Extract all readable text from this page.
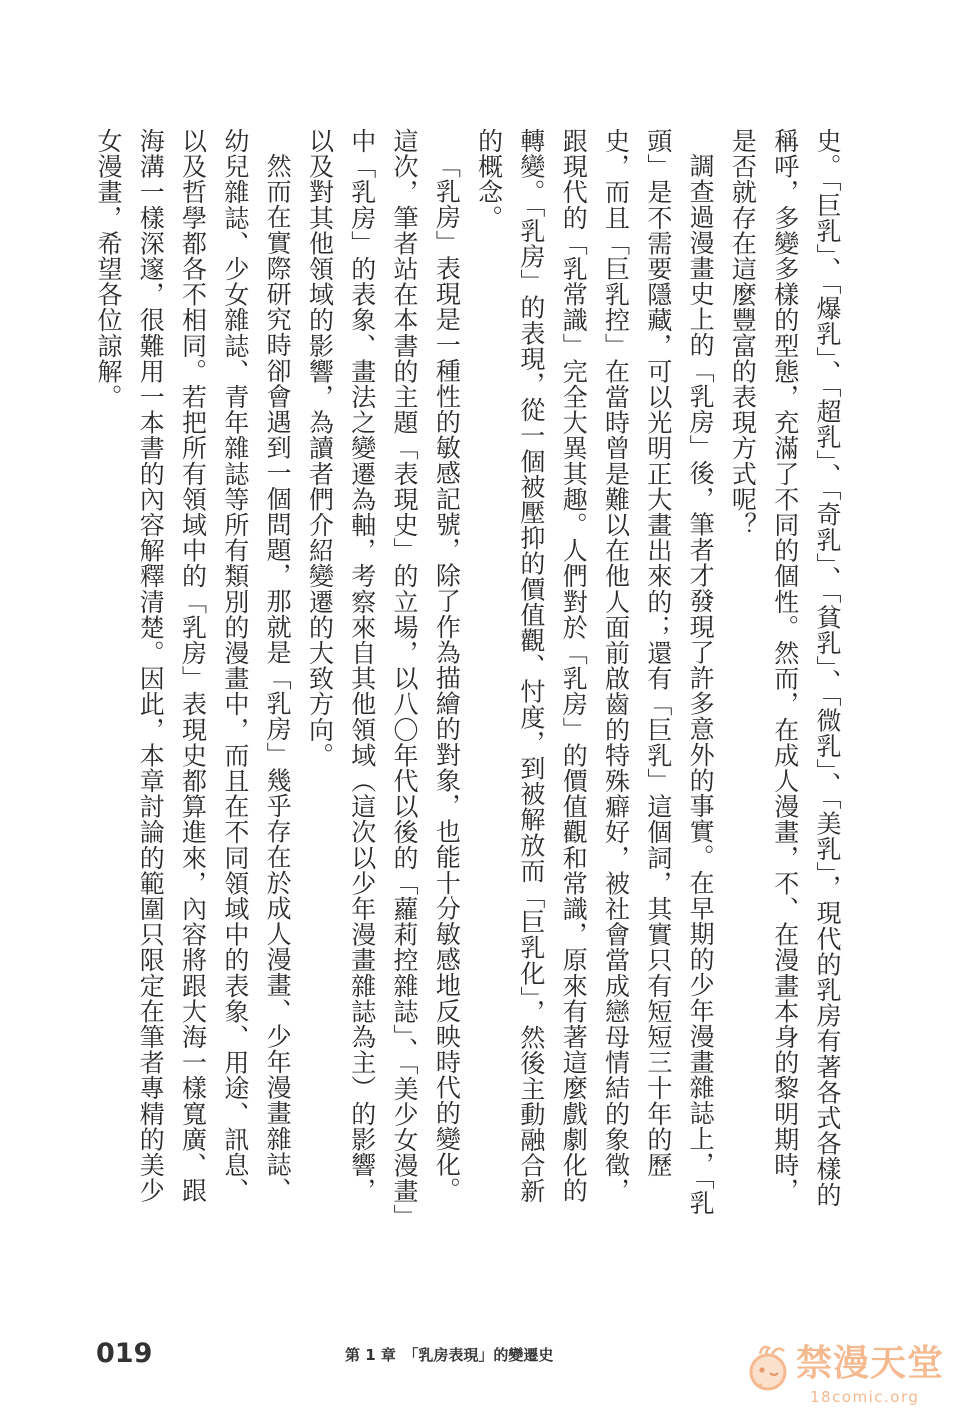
史。「巨乳」、「爆乳」、「超乳」、「奇乳」、「貧乳」、「微乳」、「美乳」，現代的乳房有著各式各樣的稱呼，多變多樣的型態，充滿了不同的個性。然而，在成人漫畫，不、在漫畫本身的黎明期時，是否就存在這麼豐富的表現方式呢？

調查過漫畫史上的「乳房」後，筆者才發現了許多意外的事實。在早期的少年漫畫雜誌上，「乳頭」是不需要隱藏，可以光明正大畫出來的；還有「巨乳」這個詞，其實只有短短三十年的歷史，而且「巨乳控」在當時曾是難以在他人面前啟齒的特殊癖好，被社會當成戀母情結的象徵，跟現代的「乳常識」完全大異其趣。人們對於「乳房」的價值觀和常識，原來有著這麼戲劇化的轉變。「乳房」的表現，從一個被壓抑的價值觀、忖度，到被解放而「巨乳化」，然後主動融合新的概念。

「乳房」表現是一種性的敏感記號，除了作為描繪的對象，也能十分敏感地反映時代的變化。這次，筆者站在本書的主題「表現史」的立場，以八〇年代以後的「蘿莉控雜誌」、「美少女漫畫」中「乳房」的表象、畫法之變遷為軸，考察來自其他領域（這次以少年漫畫雜誌為主）的影響，以及對其他領域的影響，為讀者們介紹變遷的大致方向。

然而在實際研究時卻會遇到一個問題，那就是「乳房」幾乎存在於成人漫畫、少年漫畫雜誌、幼兒雜誌、少女雜誌、青年雜誌等所有類別的漫畫中，而且在不同領域中的表象、用途、訊息、以及哲學都各不相同。若把所有領域中的「乳房」表現史都算進來，內容將跟大海一樣寬廣、跟海溝一樣深邃，很難用一本書的內容解釋清楚。因此，本章討論的範圍只限定在筆者專精的美少女漫畫，希望各位諒解。

019	第 1 章　「乳房表現」的變遷史	禁漫天堂
18comic.org
